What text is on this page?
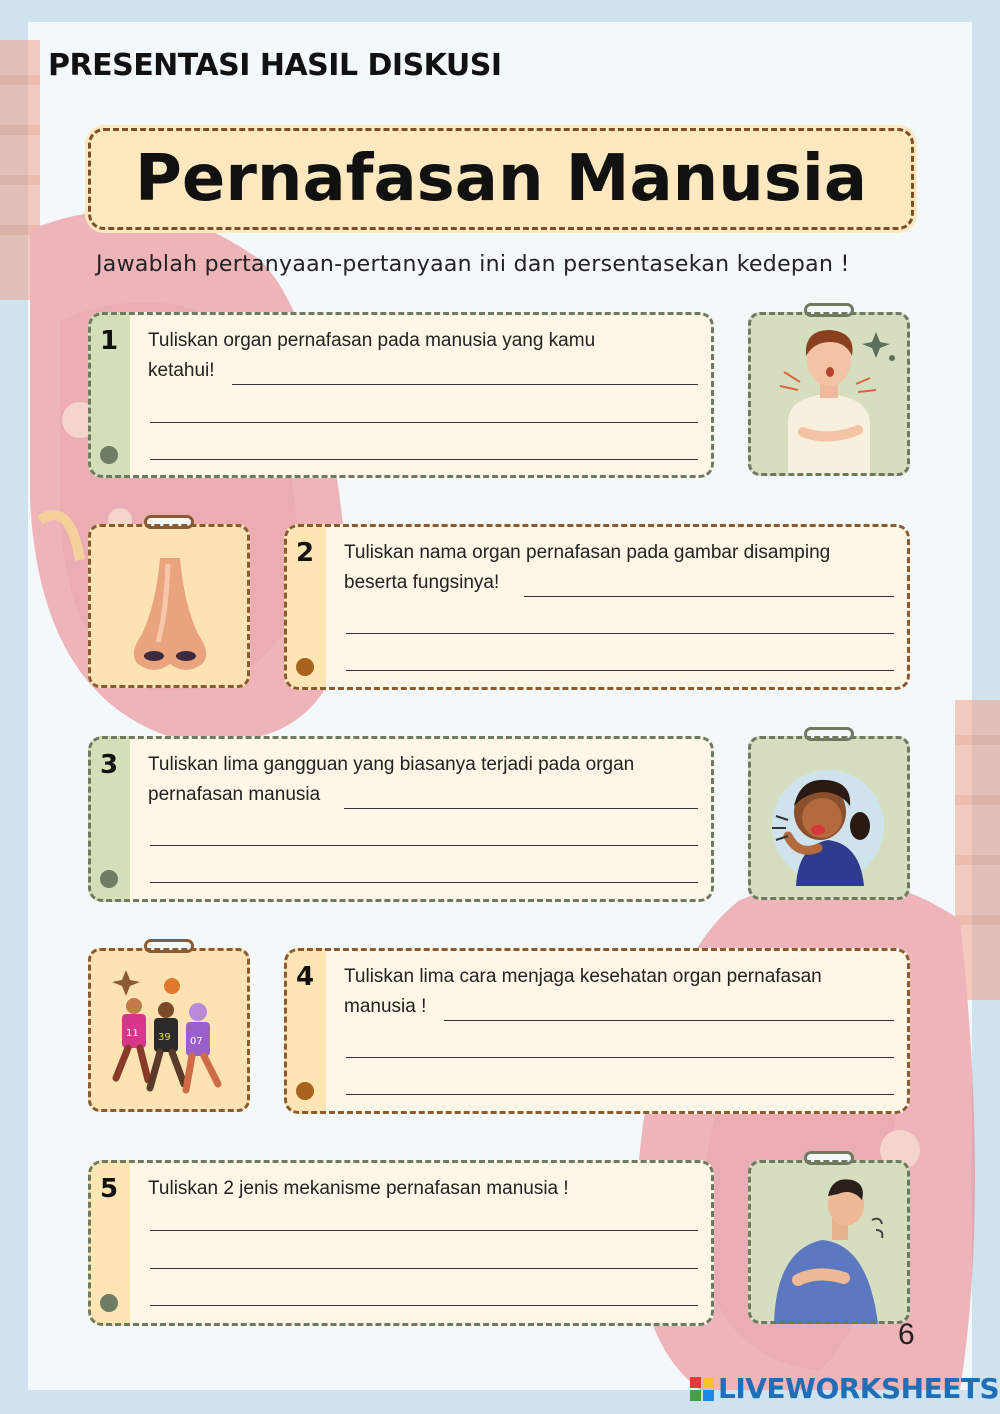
PRESENTASI HASIL DISKUSI
Pernafasan Manusia
Jawablah pertanyaan-pertanyaan ini dan persentasekan kedepan !
1 Tuliskan organ pernafasan pada manusia yang kamu
ketahui!
2 Tuliskan nama organ pernafasan pada gambar disamping
beserta fungsinya!
3 Tuliskan lima gangguan yang biasanya terjadi pada organ
pernafasan manusia
11 39 07
4 Tuliskan lima cara menjaga kesehatan organ pernafasan
manusia !
5 Tuliskan 2 jenis mekanisme pernafasan manusia !
6
LIVEWORKSHEETS
